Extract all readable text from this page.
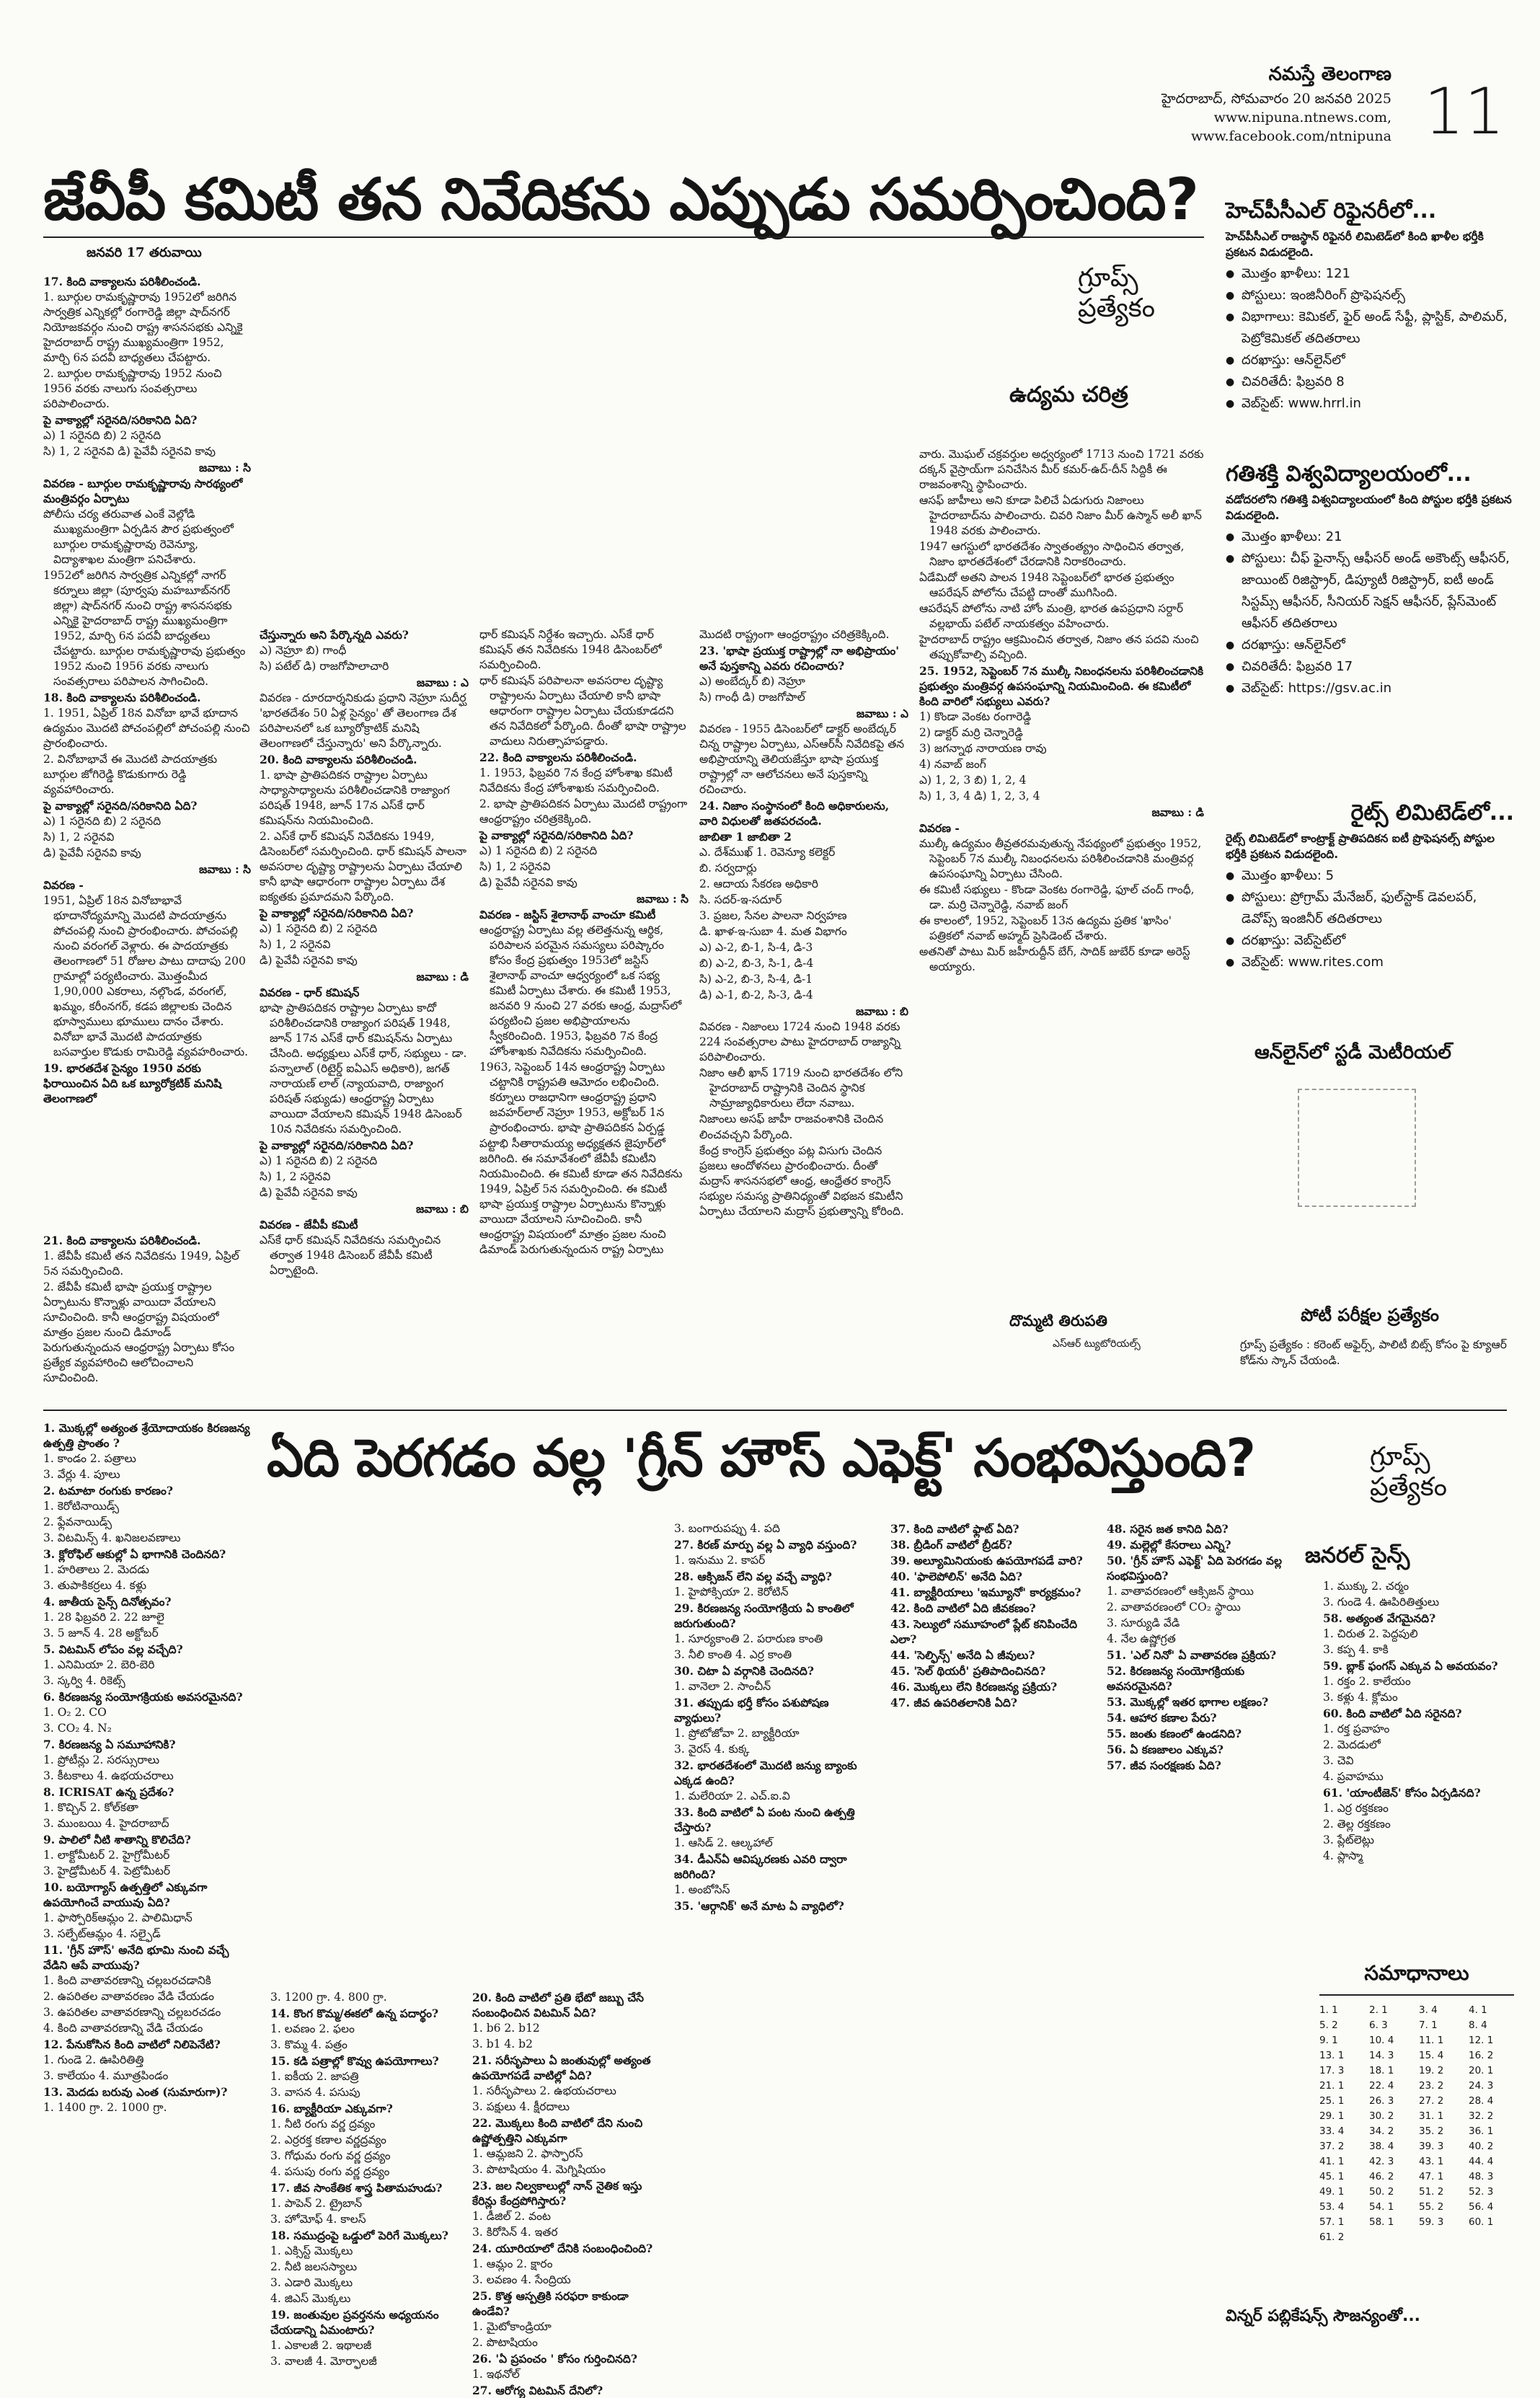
నమస్తే తెలంగాణ
హైదరాబాద్, సోమవారం 20 జనవరి 2025
www.nipuna.ntnews.com,
www.facebook.com/ntnipuna 11
జేవీపీ కమిటీ తన నివేదికను ఎప్పుడు సమర్పించింది?
జనవరి 17 తరువాయి
గ్రూప్స్
ప్రత్యేకం
ఉద్యమ చరిత్ర

17. కింది వాక్యాలను పరిశీలించండి.

1. బూర్గుల రామకృష్ణారావు 1952లో జరిగిన సార్వత్రిక ఎన్నికల్లో రంగారెడ్డి జిల్లా షాద్‌నగర్ నియోజకవర్గం నుంచి రాష్ట్ర శాసనసభకు ఎన్నికై హైదరాబాద్ రాష్ట్ర ముఖ్యమంత్రిగా 1952, మార్చి 6న పదవీ బాధ్యతలు చేపట్టారు.

2. బూర్గుల రామకృష్ణారావు 1952 నుంచి 1956 వరకు నాలుగు సంవత్సరాలు పరిపాలించారు.

పై వాక్యాల్లో సరైనది/సరికానిది ఏది?

ఎ) 1 సరైనది బి) 2 సరైనది

సి) 1, 2 సరైనవి డి) పైవేవీ సరైనవి కావు

జవాబు : సి

వివరణ - బూర్గుల రామకృష్ణారావు సారథ్యంలో మంత్రివర్గం ఏర్పాటు

పోలీసు చర్య తరువాత ఎంకే వెల్లోడి ముఖ్యమంత్రిగా ఏర్పడిన పౌర ప్రభుత్వంలో బూర్గుల రామకృష్ణారావు రెవెన్యూ, విద్యాశాఖల మంత్రిగా పనిచేశారు.

1952లో జరిగిన సార్వత్రిక ఎన్నికల్లో నాగర్ కర్నూలు జిల్లా (పూర్వపు మహబూబ్‌నగర్ జిల్లా) షాద్‌నగర్ నుంచి రాష్ట్ర శాసనసభకు ఎన్నికై హైదరాబాద్ రాష్ట్ర ముఖ్యమంత్రిగా 1952, మార్చి 6న పదవీ బాధ్యతలు చేపట్టారు. బూర్గుల రామకృష్ణారావు ప్రభుత్వం 1952 నుంచి 1956 వరకు నాలుగు సంవత్సరాలు పరిపాలన సాగించింది.

18. కింది వాక్యాలను పరిశీలించండి.

1. 1951, ఏప్రిల్ 18న వినోబా భావే భూదాన ఉద్యమం మొదటి పోచంపల్లిలో పోచంపల్లి నుంచి ప్రారంభించారు.

2. వినోబాభావే ఈ మొదటి పాదయాత్రకు బూర్గుల జోగిరెడ్డి కొడుకుగారు రెడ్డి వ్యవహారించారు.

పై వాక్యాల్లో సరైనది/సరికానిది ఏది?

ఎ) 1 సరైనది బి) 2 సరైనది

సి) 1, 2 సరైనవి

డి) పైవేవీ సరైనవి కావు

జవాబు : సి

వివరణ -

1951, ఏప్రిల్ 18న వినోబాభావే భూదానోద్యమాన్ని మొదటి పాదయాత్రను పోచంపల్లి నుంచి ప్రారంభించారు. పోచంపల్లి నుంచి వరంగల్ వెళ్లారు. ఈ పాదయాత్రకు తెలంగాణలో 51 రోజుల పాటు దాదాపు 200 గ్రామాల్లో పర్యటించారు. మొత్తంమీద 1,90,000 ఎకరాలు, నల్గొండ, వరంగల్, ఖమ్మం, కరీంనగర్, కడప జిల్లాలకు చెందిన భూస్వాములు భూములు దానం చేశారు. వినోబా భావే మొదటి పాదయాత్రకు బసవార్తుల కొడుకు రామిరెడ్డి వ్యవహరించారు.

19. భారతదేశ సైన్యం 1950 వరకు ఫిరాయించిన ఏది ఒక బ్యూరోక్రటిక్ మనిషి తెలంగాణలో

21. కింది వాక్యాలను పరిశీలించండి.

1. జేవీపీ కమిటీ తన నివేదికను 1949, ఏప్రిల్ 5న సమర్పించింది.

2. జేవీపీ కమిటీ భాషా ప్రయుక్త రాష్ట్రాల ఏర్పాటును కొన్నాళ్లు వాయిదా వేయాలని సూచించింది. కానీ ఆంధ్రరాష్ట్ర విషయంలో మాత్రం ప్రజల నుంచి డిమాండ్ పెరుగుతున్నందున ఆంధ్రరాష్ట్ర ఏర్పాటు కోసం ప్రత్యేక వ్యవహారించి ఆలోచించాలని సూచించింది.

చేస్తున్నారు అని పేర్కొన్నది ఎవరు?

ఎ) నెహ్రూ బి) గాంధీ

సి) పటేల్ డి) రాజగోపాలాచారి

జవాబు : ఎ

వివరణ - దూరదార్శనికుడు ప్రధాని నెహ్రూ సుదీర్ఘ 'భారతదేశం 50 ఏళ్ల సైన్యం' తో తెలంగాణ దేశ పరిపాలనలో ఒక బ్యూరోక్రాటిక్ మనిషి తెలంగాణలో చేస్తున్నారు' అని పేర్కొన్నారు.

20. కింది వాక్యాలను పరిశీలించండి.

1. భాషా ప్రాతిపదికన రాష్ట్రాల ఏర్పాటు సాధ్యాసాధ్యాలను పరిశీలించడానికి రాజ్యాంగ పరిషత్ 1948, జూన్ 17న ఎస్‌కే ధార్ కమిషన్‌ను నియమించింది.

2. ఎస్‌కే ధార్ కమిషన్ నివేదికను 1949, డిసెంబర్‌లో సమర్పించింది. ధార్ కమిషన్ పాలనా అవసరాల దృష్ట్యా రాష్ట్రాలను ఏర్పాటు చేయాలి కానీ భాషా ఆధారంగా రాష్ట్రాల ఏర్పాటు దేశ ఐక్యతకు ప్రమాదమని పేర్కొంది.

పై వాక్యాల్లో సరైనది/సరికానిది ఏది?

ఎ) 1 సరైనది బి) 2 సరైనది

సి) 1, 2 సరైనవి

డి) పైవేవీ సరైనవి కావు

జవాబు : డి

వివరణ - ధార్ కమిషన్

భాషా ప్రాతిపదికన రాష్ట్రాల ఏర్పాటు కాదో పరిశీలించడానికి రాజ్యాంగ పరిషత్ 1948, జూన్ 17న ఎస్‌కే ధార్ కమిషన్‌ను ఏర్పాటు చేసింది. అధ్యక్షులు ఎస్‌కే ధార్, సభ్యులు - డా. పన్నాలాల్ (రిటైర్డ్ ఐఏఎస్ అధికారి), జగత్ నారాయణ్ లాల్ (న్యాయవాది, రాజ్యాంగ పరిషత్ సభ్యుడు) ఆంధ్రరాష్ట్ర ఏర్పాటు వాయిదా వేయాలని కమిషన్ 1948 డిసెంబర్ 10న నివేదికను సమర్పించింది.

పై వాక్యాల్లో సరైనది/సరికానిది ఏది?

ఎ) 1 సరైనది బి) 2 సరైనది

సి) 1, 2 సరైనవి

డి) పైవేవీ సరైనవి కావు

జవాబు : బి

వివరణ - జేవీపీ కమిటీ

ఎస్‌కే ధార్ కమిషన్ నివేదికను సమర్పించిన తర్వాత 1948 డిసెంబర్ జేవీపీ కమిటీ ఏర్పాటైంది.

ధార్ కమిషన్ నిర్దేశం ఇచ్చారు. ఎస్‌కే ధార్ కమిషన్ తన నివేదికను 1948 డిసెంబర్‌లో సమర్పించింది.

ధార్ కమిషన్ పరిపాలనా అవసరాల దృష్ట్యా రాష్ట్రాలను ఏర్పాటు చేయాలి కానీ భాషా ఆధారంగా రాష్ట్రాల ఏర్పాటు చేయకూడదని తన నివేదికలో పేర్కొంది. దీంతో భాషా రాష్ట్రాల వాదులు నిరుత్సాహపడ్డారు.

22. కింది వాక్యాలను పరిశీలించండి.

1. 1953, ఫిబ్రవరి 7న కేంద్ర హోంశాఖ కమిటీ నివేదికను కేంద్ర హోంశాఖకు సమర్పించింది.

2. భాషా ప్రాతిపదికన ఏర్పాటు మొదటి రాష్ట్రంగా ఆంధ్రరాష్ట్రం చరిత్రకెక్కింది.

పై వాక్యాల్లో సరైనది/సరికానిది ఏది?

ఎ) 1 సరైనది బి) 2 సరైనది

సి) 1, 2 సరైనవి

డి) పైవేవీ సరైనవి కావు

జవాబు : సి

వివరణ - జస్టిస్ శైలానాథ్ వాంచూ కమిటీ

ఆంధ్రరాష్ట్ర ఏర్పాటు వల్ల తలెత్తనున్న ఆర్థిక, పరిపాలన పరమైన సమస్యలు పరిష్కారం కోసం కేంద్ర ప్రభుత్వం 1953లో జస్టిస్ శైలానాథ్ వాంచూ ఆధ్వర్యంలో ఒక సభ్య కమిటీ ఏర్పాటు చేశారు. ఈ కమిటీ 1953, జనవరి 9 నుంచి 27 వరకు ఆంధ్ర, మద్రాస్‌లో పర్యటించి ప్రజల అభిప్రాయాలను స్వీకరించింది. 1953, ఫిబ్రవరి 7న కేంద్ర హోంశాఖకు నివేదికను సమర్పించింది.

1963, సెప్టెంబర్ 14న ఆంధ్రరాష్ట్ర ఏర్పాటు చట్టానికి రాష్ట్రపతి ఆమోదం లభించింది. కర్నూలు రాజధానిగా ఆంధ్రరాష్ట్ర ప్రధాని జవహర్‌లాల్ నెహ్రూ 1953, అక్టోబర్ 1న ప్రారంభించారు. భాషా ప్రాతిపదికన ఏర్పడ్డ

పట్టాభి సీతారామయ్య అధ్యక్షతన జైపూర్‌లో జరిగింది. ఈ సమావేశంలో జేవీపీ కమిటీని నియమించింది. ఈ కమిటీ కూడా తన నివేదికను 1949, ఏప్రిల్ 5న సమర్పించింది. ఈ కమిటీ భాషా ప్రయుక్త రాష్ట్రాల ఏర్పాటును కొన్నాళ్లు వాయిదా వేయాలని సూచించింది. కానీ ఆంధ్రరాష్ట్ర విషయంలో మాత్రం ప్రజల నుంచి డిమాండ్ పెరుగుతున్నందున రాష్ట్ర ఏర్పాటు

మొదటి రాష్ట్రంగా ఆంధ్రరాష్ట్రం చరిత్రకెక్కింది.

23. 'భాషా ప్రయుక్త రాష్ట్రాల్లో నా అభిప్రాయం' అనే పుస్తకాన్ని ఎవరు రచించారు?

ఎ) అంబేద్కర్ బి) నెహ్రూ

సి) గాంధీ డి) రాజగోపాల్

జవాబు : ఎ

వివరణ - 1955 డిసెంబర్‌లో డాక్టర్ అంబేద్కర్ చిన్న రాష్ట్రాల ఏర్పాటు, ఎస్ఆర్‌సీ నివేదికపై తన అభిప్రాయాన్ని తెలియజేస్తూ భాషా ప్రయుక్త రాష్ట్రాల్లో నా ఆలోచనలు అనే పుస్తకాన్ని రచించారు.

24. నిజాం సంస్థానంలో కింది అధికారులను, వారి విధులతో జతపరచండి.

జాబితా 1 జాబితా 2

ఎ. దేశ్‌ముఖ్ 1. రెవెన్యూ కలెక్టర్

బి. సర్వదార్లు

2. ఆదాయ సేకరణ అధికారి

సి. సదర్-ఇ-సదూర్

3. ప్రజల, సేనల పాలనా నిర్వహణ

డి. ఖాళ-ఇ-సుబా 4. మత విభాగం

ఎ) ఎ-2, బి-1, సి-4, డి-3

బి) ఎ-2, బి-3, సి-1, డి-4

సి) ఎ-2, బి-3, సి-4, డి-1

డి) ఎ-1, బి-2, సి-3, డి-4

జవాబు : బి

వివరణ - నిజాంలు 1724 నుంచి 1948 వరకు 224 సంవత్సరాల పాటు హైదరాబాద్ రాజ్యాన్ని పరిపాలించారు.

నిజాం ఆలీ ఖాన్ 1719 నుంచి భారతదేశం లోని హైదరాబాద్ రాష్ట్రానికి చెందిన స్థానిక సామ్రాజ్యాధికారులు లేదా నవాబు.

నిజాంలు అసఫ్ జాహీ రాజవంశానికి చెందిన

లించవచ్చని పేర్కొంది.

కేంద్ర కాంగ్రెస్ ప్రభుత్వం పట్ల విసుగు చెందిన ప్రజలు ఆందోళనలు ప్రారంభించారు. దీంతో మద్రాస్ శాసనసభలో ఆంధ్ర, ఆంధ్రేతర కాంగ్రెస్ సభ్యుల సమస్య ప్రాతినిధ్యంతో విభజన కమిటీని ఏర్పాటు చేయాలని మద్రాస్ ప్రభుత్వాన్ని కోరింది.

వారు. మొఘల్ చక్రవర్తుల అధ్వర్యంలో 1713 నుంచి 1721 వరకు దక్కన్ వైస్రాయ్‌గా పనిచేసిన మీర్ కమర్-ఉద్-దీన్ సిద్దికీ ఈ రాజవంశాన్ని స్థాపించారు.

ఆసఫ్ జాహీలు అని కూడా పిలిచే ఏడుగురు నిజాంలు హైదరాబాద్‌ను పాలించారు. చివరి నిజాం మీర్ ఉస్మాన్ అలీ ఖాన్ 1948 వరకు పాలించారు.

1947 ఆగస్టులో భారతదేశం స్వాతంత్య్రం సాధించిన తర్వాత, నిజాం భారతదేశంలో చేరడానికి నిరాకరించారు.

ఏడేమిదో అతని పాలన 1948 సెప్టెంబర్‌లో భారత ప్రభుత్వం ఆపరేషన్ పోలోను చేపట్టి దాంతో ముగిసింది.

ఆపరేషన్ పోలోను నాటి హోం మంత్రి, భారత ఉపప్రధాని సర్దార్ వల్లభాయ్ పటేల్ నాయకత్వం వహించారు.

హైదరాబాద్ రాష్ట్రం ఆక్రమించిన తర్వాత, నిజాం తన పదవి నుంచి తప్పుకోవాల్సి వచ్చింది.

25. 1952, సెప్టెంబర్ 7న ముల్కీ నిబంధనలను పరిశీలించడానికి ప్రభుత్వం మంత్రివర్గ ఉపసంఘాన్ని నియమించింది. ఈ కమిటీలో కింది వారిలో సభ్యులు ఎవరు?

1) కొండా వెంకట రంగారెడ్డి

2) డాక్టర్ మర్రి చెన్నారెడ్డి

3) జగన్నాథ నారాయణ రావు

4) నవాబ్ జంగ్

ఎ) 1, 2, 3 బి) 1, 2, 4

సి) 1, 3, 4 డి) 1, 2, 3, 4

జవాబు : డి

వివరణ -

ముల్కీ ఉద్యమం తీవ్రతరమవుతున్న నేపథ్యంలో ప్రభుత్వం 1952, సెప్టెంబర్ 7న ముల్కీ నిబంధనలను పరిశీలించడానికి మంత్రివర్గ ఉపసంఘాన్ని ఏర్పాటు చేసింది.

ఈ కమిటీ సభ్యులు - కొండా వెంకట రంగారెడ్డి, ఫూల్ చంద్ గాంధీ, డా. మర్రి చెన్నారెడ్డి, నవాబ్ జంగ్

ఈ కాలంలో, 1952, సెప్టెంబర్ 13న ఉద్యమ ప్రతిక 'ఖాసిం' పత్రికలో నవాబ్ అహ్మద్ ప్రెసిడెంట్ చేశారు.

అతనితో పాటు మిర్ జహీరుద్దీన్ బేగ్, సాదిక్ జుబేర్ కూడా అరెస్ట్ అయ్యారు.

దొమ్మటి తిరుపతి
ఎస్ఆర్ ట్యుటోరియల్స్
హెచ్‌పీసీఎల్ రిఫైనరీలో...
హెచ్‌పీసీఎల్ రాజస్థాన్ రిఫైనరీ లిమిటెడ్‌లో కింది ఖాళీల భర్తీకి ప్రకటన విడుదలైంది.
● మొత్తం ఖాళీలు: 121
● పోస్టులు: ఇంజినీరింగ్ ప్రొఫెషనల్స్
● విభాగాలు: కెమికల్, ఫైర్ అండ్ సేఫ్టీ, ప్లాస్టిక్, పాలిమర్, పెట్రోకెమికల్ తదితరాలు
● దరఖాస్తు: ఆన్‌లైన్‌లో
● చివరితేదీ: ఫిబ్రవరి 8
● వెబ్‌సైట్: www.hrrl.in
గతిశక్తి విశ్వవిద్యాలయంలో...
వడోదరలోని గతిశక్తి విశ్వవిద్యాలయంలో కింది పోస్టుల భర్తీకి ప్రకటన విడుదలైంది.
● మొత్తం ఖాళీలు: 21
● పోస్టులు: చీఫ్ ఫైనాన్స్ ఆఫీసర్ అండ్ అకౌంట్స్ ఆఫీసర్, జాయింట్ రిజిస్ట్రార్, డిప్యూటీ రిజిస్ట్రార్, ఐటీ అండ్ సిస్టమ్స్ ఆఫీసర్, సీనియర్ సెక్షన్ ఆఫీసర్, ప్లేస్‌మెంట్ ఆఫీసర్ తదితరాలు
● దరఖాస్తు: ఆన్‌లైన్‌లో
● చివరితేదీ: ఫిబ్రవరి 17
● వెబ్‌సైట్: https://gsv.ac.in
రైట్స్ లిమిటెడ్‌లో...
రైట్స్ లిమిటెడ్‌లో కాంట్రాక్ట్ ప్రాతిపదికన ఐటీ ప్రొఫెషనల్స్ పోస్టుల భర్తీకి ప్రకటన విడుదలైంది.
● మొత్తం ఖాళీలు: 5
● పోస్టులు: ప్రోగ్రామ్ మేనేజర్, ఫుల్‌స్టాక్ డెవలపర్, డెవోప్స్ ఇంజినీర్ తదితరాలు
● దరఖాస్తు: వెబ్‌సైట్‌లో
● వెబ్‌సైట్: www.rites.com
ఆన్‌లైన్‌లో స్టడీ మెటీరియల్
పోటీ పరీక్షల ప్రత్యేకం
గ్రూప్స్ ప్రత్యేకం : కరెంట్ అఫైర్స్, పాలిటీ బిట్స్ కోసం పై క్యూఆర్ కోడ్‌ను స్కాన్ చేయండి.
ఏది పెరగడం వల్ల 'గ్రీన్ హౌస్ ఎఫెక్ట్' సంభవిస్తుంది?	గ్రూప్స్
ప్రత్యేకం
జనరల్ సైన్స్

1. మొక్కల్లో అత్యంత శ్రేయోదాయకం కిరణజన్య ఉత్పత్తి ప్రాంతం ?

1. కాండం 2. పత్రాలు

3. వేర్లు 4. పూలు

2. టమాటా రంగుకు కారణం?

1. కెరోటినాయిడ్స్

2. ఫ్లేవనాయిడ్స్

3. విటమిన్స్ 4. ఖనిజలవణాలు

3. క్లోరోఫిల్ ఆకుల్లో ఏ భాగానికి చెందినది?

1. హరితాలు 2. మెదడు

3. తుపాకికర్రలు 4. కళ్లు

4. జాతీయ సైన్స్ దినోత్సవం?

1. 28 ఫిబ్రవరి 2. 22 జూలై

3. 5 జూన్ 4. 28 అక్టోబర్

5. విటమిన్ లోపం వల్ల వచ్చేది?

1. ఎనిమియా 2. బెరి-బెరి

3. స్కర్వి 4. రికెట్స్

6. కిరణజన్య సంయోగక్రియకు అవసరమైనది?

1. O₂ 2. CO

3. CO₂ 4. N₂

7. కిరణజన్య ఏ సమూహానికి?

1. ప్రోటీన్లు 2. సరస్సురాలు

3. కీటకాలు 4. ఉభయచరాలు

8. ICRISAT ఉన్న ప్రదేశం?

1. కొచ్చిన్ 2. కోల్‌కతా

3. ముంబయి 4. హైదరాబాద్

9. పాలిలో నీటి శాతాన్ని కొలిచేది?

1. లాక్టోమీటర్ 2. హైగ్రోమీటర్

3. హైడ్రోమీటర్ 4. పెట్రోమీటర్

10. బయోగ్యాస్ ఉత్పత్తిలో ఎక్కువగా ఉపయోగించే వాయువు ఏది?

1. ఫాస్పోరిక్‌ఆమ్లం 2. పాలిమిధాన్

3. సల్ఫేట్‌ఆమ్లం 4. సల్ఫైడ్

11. 'గ్రీన్ హౌస్' అనేది భూమి నుంచి వచ్చే వేడిని ఆపే వాయువు?

1. కింది వాతావరణాన్ని చల్లబరచడానికి

2. ఉపరితల వాతావరణం వేడి చేయడం

3. ఉపరితల వాతావరణాన్ని చల్లబరచడం

4. కింది వాతావరణాన్ని వేడి చేయడం

12. పేనుకోసిన కింది వాటిలో నిలిపెనేటి?

1. గుండె 2. ఊపిరితిత్తి

3. కాలేయం 4. మూత్రపిండం

13. మెదడు బరువు ఎంత (సుమారుగా)?

1. 1400 గ్రా. 2. 1000 గ్రా.

3. 1200 గ్రా. 4. 800 గ్రా.

14. కొంగ కొమ్మ/ఈకలో ఉన్న పదార్థం?

1. లవణం 2. ఫలం

3. కొమ్మ 4. పత్రం

15. కడి పత్రాల్లో కొవ్వు ఉపయోగాలు?

1. ఐకీయ 2. జాపత్రి

3. వాసన 4. పసుపు

16. బ్యాక్టీరియా ఎక్కువగా?

1. నీటి రంగు వర్ణ ద్రవ్యం

2. ఎర్రరక్త కణాల వర్ణద్రవ్యం

3. గోధుమ రంగు వర్ణ ద్రవ్యం

4. పసుపు రంగు వర్ణ ద్రవ్యం

17. జీవ సాంకేతిక శాస్త్ర పితామహుడు?

1. పాపెన్ 2. ట్రైబాన్

3. హోమోఫ్ 4. కాలస్

18. సముద్రంపై ఒడ్డులో పెరిగే మొక్కలు?

1. ఎక్సిస్ట్ మొక్కలు

2. నీటి జలసస్యాలు

3. ఎడారి మొక్కలు

4. జిఎస్ మొక్కలు

19. జంతువుల ప్రవర్తనను అధ్యయనం చేయడాన్ని ఏమంటారు?

1. ఎకాలజీ 2. ఇథాలజీ

3. వాలజీ 4. మోర్ఫాలజీ

20. కింది వాటిలో ప్రతి భేటో జబ్బు చేసే సంబంధించిన విటమిన్ ఏది?

1. b6 2. b12

3. b1 4. b2

21. సరీసృపాలు ఏ జంతువుల్లో అత్యంత ఉపయోగపడే వాటిల్లో ఏది?

1. సరీసృపాలు 2. ఉభయచరాలు

3. పక్షులు 4. క్షీరదాలు

22. మొక్కలు కింది వాటిలో దేని నుంచి ఉష్ణోత్పత్తిని ఎక్కువగా

1. ఆమ్లజని 2. ఫాస్ఫారస్

3. పొటాషియం 4. మెగ్నిషియం

23. జల నిల్వకాలుల్లో నాన్ నైతిక ఇస్తు కేరిన్లు కేంద్రపోగిస్తారు?

1. డీజిల్ 2. వంట

3. కిరోసిన్ 4. ఇతర

24. యూరియాలో దేనికి సంబంధించింది?

1. ఆమ్లం 2. క్షారం

3. లవణం 4. సేంద్రియ

25. కొత్త ఆస్పత్రికి సరఫరా కాకుండా ఉండేవి?

1. మైటోకాండ్రియా

2. పొటాషియం

26. 'ఏ ప్రపంచం ' కోసం గుర్తించినది?

1. ఇథనోల్

27. ఆరోగ్య విటమిన్ దేనిలో?

3. బంగారుపప్పు 4. పది

27. కిరణ్ మార్పు వల్ల ఏ వ్యాధి వస్తుంది?

1. ఇనుము 2. కాపర్

28. ఆక్సిజన్‌ లేని వల్ల వచ్చే వ్యాధి?

1. హైపోక్సియా 2. కెరోటిన్

29. కిరణజన్య సంయోగక్రియ ఏ కాంతిలో జరుగుతుంది?

1. సూర్యకాంతి 2. పరారుణ కాంతి

3. నీలి కాంతి 4. ఎర్ర కాంతి

30. చిటా ఏ వర్గానికి చెందినది?

1. వానెలా 2. సాంచీన్

31. తప్పుడు భర్తీ కోసం పశుపోషణ వ్యాధులు?

1. ప్రోటోజోవా 2. బ్యాక్టీరియా

3. వైరస్ 4. కుక్క

32. భారతదేశంలో మొదటి జన్యు బ్యాంకు ఎక్కడ ఉంది?

1. మలేరియా 2. ఎచ్‌.ఐ.వి

33. కింది వాటిలో ఏ పంట నుంచి ఉత్పత్తి చేస్తారు?

1. ఆసిడ్ 2. ఆల్కహాల్

34. డీఎన్ఏ ఆవిష్కరణకు ఎవరి ద్వారా జరిగింది?

1. అంబోసిస్

35. 'ఆర్గానిక్' అనే మాట ఏ వ్యాధిలో?

37. కింది వాటిలో ఫ్లాట్ ఏది?

38. బ్రీడింగ్ వాటిలో బ్రీడర్?

39. అల్యూమినియంకు ఉపయోగపడే వారి?

40. 'ఫాలెపోలిన్' అనేది ఏది?

41. బ్యాక్టీరియాలు 'ఇమ్యూనో' కార్యక్రమం?

42. కింది వాటిలో ఏది జీవకణం?

43. సెల్యులో సమూహంలో ప్లేట్ కనిపించేది ఎలా?

44. 'సెల్ఫిన్స్' అనేది ఏ జీవులు?

45. 'సెల్ థియరీ' ప్రతిపాదించినది?

46. మొక్కలు లేని కిరణజన్య ప్రక్రియ?

47. జీవ ఉపరితలానికి ఏది?

48. సరైన జత కానిది ఏది?

49. మల్లెల్లో కేసరాలు ఎన్ని?

50. 'గ్రీన్ హౌస్ ఎఫెక్ట్' ఏది పెరగడం వల్ల సంభవిస్తుంది?

1. వాతావరణంలో ఆక్సిజన్ స్థాయి

2. వాతావరణంలో CO₂ స్థాయి

3. సూర్యుడి వేడి

4. నేల ఉష్ణోగ్రత

51. 'ఎల్ నినో' ఏ వాతావరణ ప్రక్రియ?

52. కిరణజన్య సంయోగక్రియకు అవసరమైనది?

53. మొక్కల్లో ఇతర భాగాల లక్షణం?

54. ఆహార కణాల పేరు?

55. జంతు కణంలో ఉండనిది?

56. ఏ కణజాలం ఎక్కువ?

57. జీవ సంరక్షణకు ఏది?

1. ముక్కు 2. చర్మం

3. గుండె 4. ఊపిరితిత్తులు

58. అత్యంత వేగమైనది?

1. చిరుత 2. పెద్దపులి

3. కప్ప 4. కాకి

59. బ్లాక్ ఫంగస్ ఎక్కువ ఏ అవయవం?

1. రక్తం 2. కాలేయం

3. కళ్లు 4. క్లోమం

60. కింది వాటిలో ఏది సరైనది?

1. రక్త ప్రవాహం

2. మెదడులో

3. చెవి

4. ప్రవాహము

61. 'యాంటీజెన్‌' కోసం ఏర్పడినది?

1. ఎర్ర రక్తకణం

2. తెల్ల రక్తకణం

3. ప్లేట్‌లెట్లు

4. ప్లాస్మా

సమాధానాలు
1. 1	2. 1	3. 4	4. 1
5. 2	6. 3	7. 1	8. 4
9. 1	10. 4	11. 1	12. 1
13. 1	14. 3	15. 4	16. 2
17. 3	18. 1	19. 2	20. 1
21. 1	22. 4	23. 2	24. 3
25. 1	26. 3	27. 2	28. 4
29. 1	30. 2	31. 1	32. 2
33. 4	34. 2	35. 2	36. 1
37. 2	38. 4	39. 3	40. 2
41. 1	42. 3	43. 1	44. 4
45. 1	46. 2	47. 1	48. 3
49. 1	50. 2	51. 2	52. 3
53. 4	54. 1	55. 2	56. 4
57. 1	58. 1	59. 3	60. 1
61. 2
విన్నర్ పబ్లికేషన్స్ సౌజన్యంతో...
